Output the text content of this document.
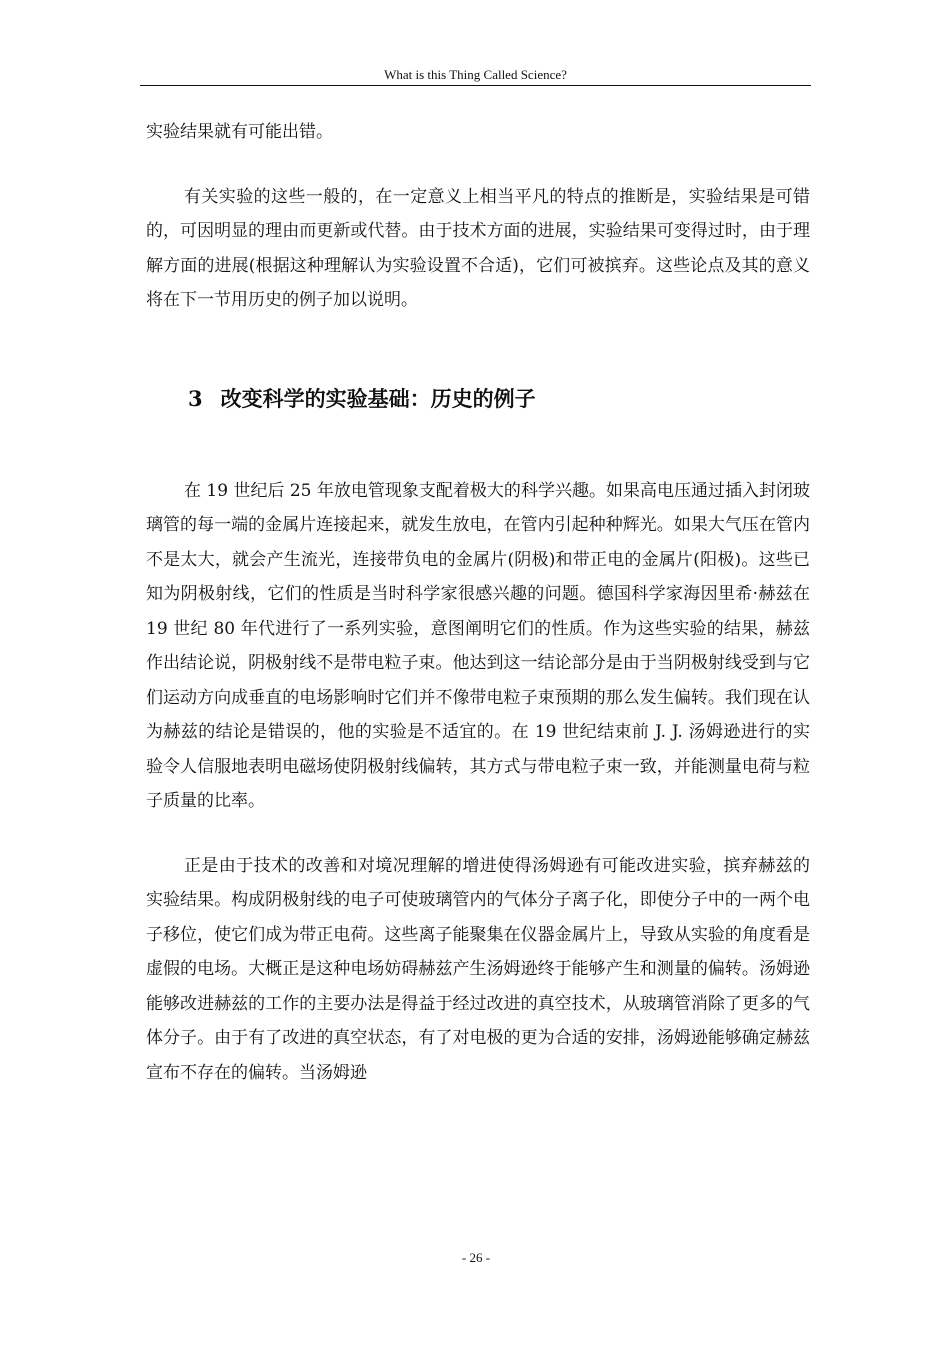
What is this Thing Called Science?

实验结果就有可能出错。

有关实验的这些一般的，在一定意义上相当平凡的特点的推断是，实验结果是可错的，可因明显的理由而更新或代替。由于技术方面的进展，实验结果可变得过时，由于理解方面的进展(根据这种理解认为实验设置不合适)，它们可被摈弃。这些论点及其的意义将在下一节用历史的例子加以说明。

3 改变科学的实验基础：历史的例子

在 19 世纪后 25 年放电管现象支配着极大的科学兴趣。如果高电压通过插入封闭玻璃管的每一端的金属片连接起来，就发生放电，在管内引起种种辉光。如果大气压在管内不是太大，就会产生流光，连接带负电的金属片(阴极)和带正电的金属片(阳极)。这些已知为阴极射线，它们的性质是当时科学家很感兴趣的问题。德国科学家海因里希·赫兹在 19 世纪 80 年代进行了一系列实验，意图阐明它们的性质。作为这些实验的结果，赫兹作出结论说，阴极射线不是带电粒子束。他达到这一结论部分是由于当阴极射线受到与它们运动方向成垂直的电场影响时它们并不像带电粒子束预期的那么发生偏转。我们现在认为赫兹的结论是错误的，他的实验是不适宜的。在 19 世纪结束前 J. J. 汤姆逊进行的实验令人信服地表明电磁场使阴极射线偏转，其方式与带电粒子束一致，并能测量电荷与粒子质量的比率。

正是由于技术的改善和对境况理解的增进使得汤姆逊有可能改进实验，摈弃赫兹的实验结果。构成阴极射线的电子可使玻璃管内的气体分子离子化，即使分子中的一两个电子移位，使它们成为带正电荷。这些离子能聚集在仪器金属片上，导致从实验的角度看是虚假的电场。大概正是这种电场妨碍赫兹产生汤姆逊终于能够产生和测量的偏转。汤姆逊能够改进赫兹的工作的主要办法是得益于经过改进的真空技术，从玻璃管消除了更多的气体分子。由于有了改进的真空状态，有了对电极的更为合适的安排，汤姆逊能够确定赫兹宣布不存在的偏转。当汤姆逊

- 26 -
